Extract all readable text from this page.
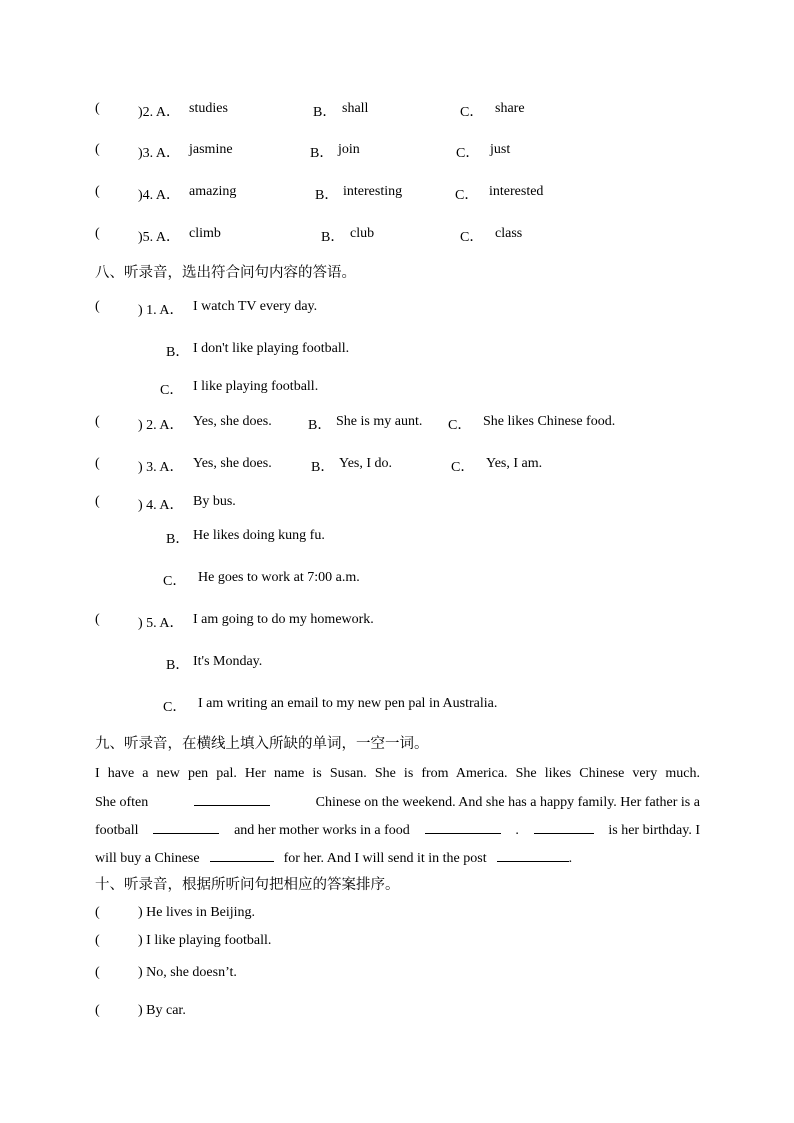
(	)2. A． studies	B． shall	C． share
(	)3. A． jasmine	B． join	C． just
(	)4. A． amazing	B． interesting	C． interested
(	)5. A． climb	B． club	C． class
八、听录音，选出符合问句内容的答语。
(	) 1. A． I watch TV every day.
B． I don't like playing football.
C． I like playing football.
(	) 2. A． Yes, she does.	B． She is my aunt. C． She likes Chinese food.
(	) 3. A． Yes, she does.	B． Yes, I do.	C． Yes, I am.
(	) 4. A． By bus.
B． He likes doing kung fu.
C． He goes to work at 7:00 a.m.
(	) 5. A． I am going to do my homework.
B． It's Monday.
C． I am writing an email to my new pen pal in Australia.
九、听录音，在横线上填入所缺的单词，一空一词。
I have a new pen pal. Her name is Susan. She is from America. She likes Chinese very much.
She often	Chinese on the weekend. And she has a happy family. Her father is a
football	and her mother works in a food	.	is her birthday. I
will buy a Chinese	for her. And I will send it in the post	.
十、听录音，根据所听问句把相应的答案排序。
(	) He lives in Beijing.
(	) I like playing football.
(	) No, she doesn’t.
(	) By car.
